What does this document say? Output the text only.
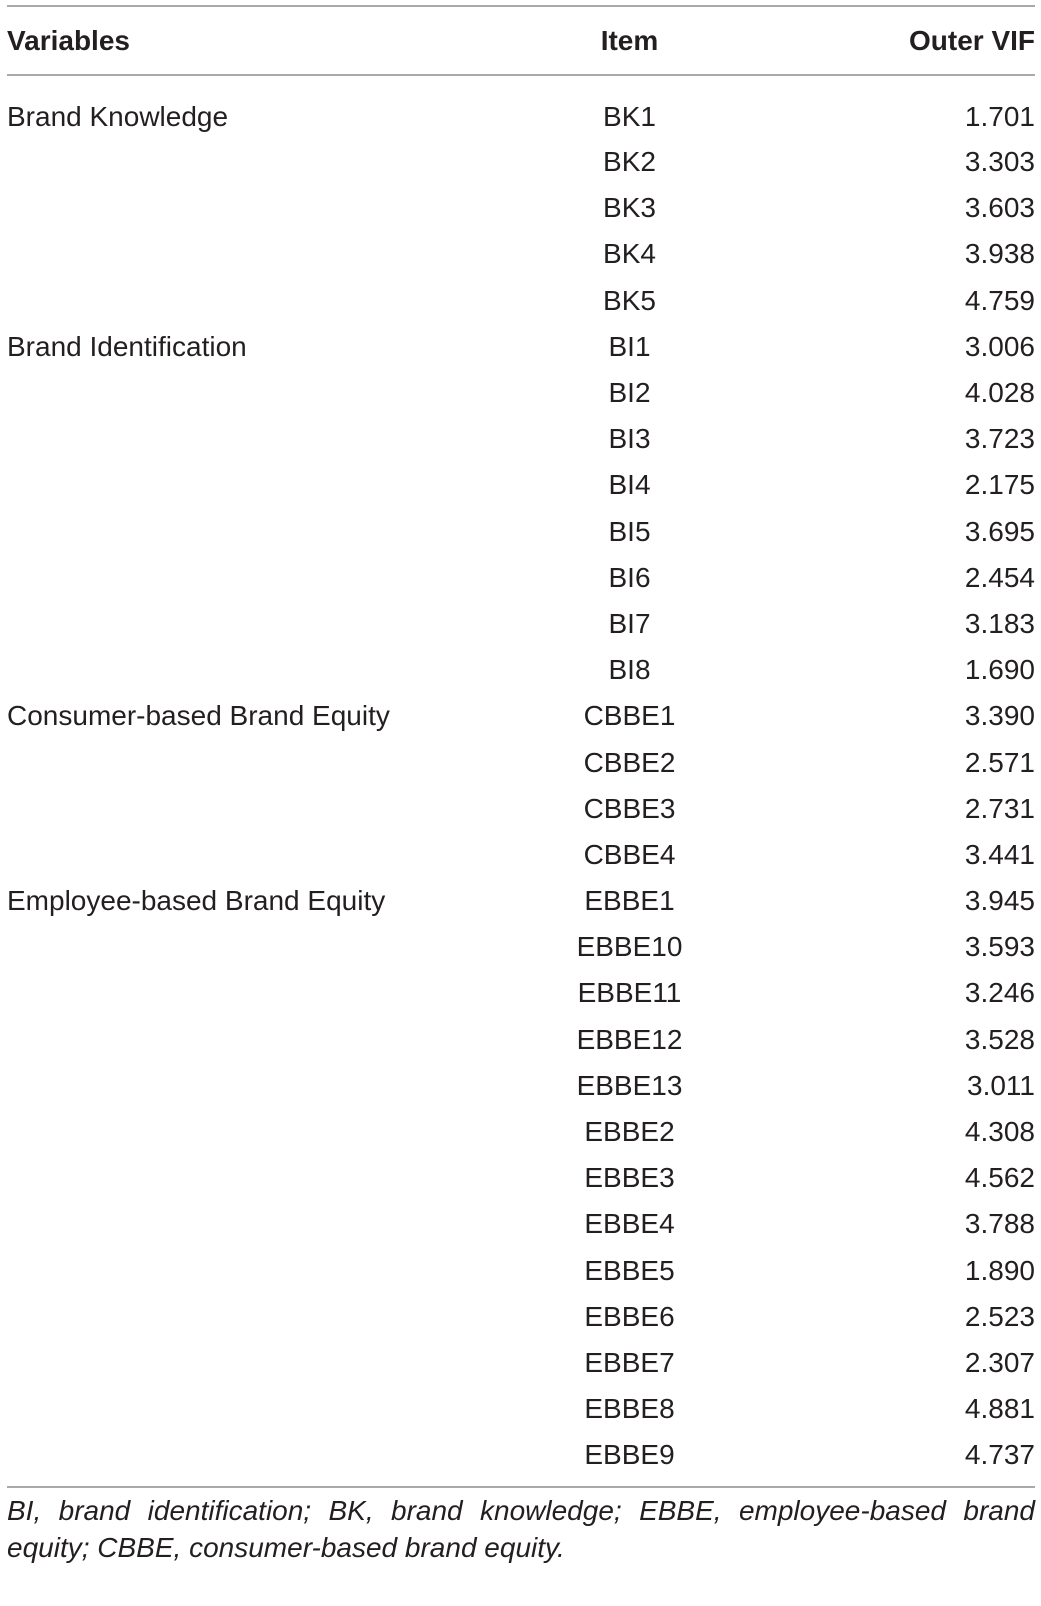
Variables	Item	Outer VIF
Brand Knowledge	BK1	1.701
	BK2	3.303
	BK3	3.603
	BK4	3.938
	BK5	4.759
Brand Identification	BI1	3.006
	BI2	4.028
	BI3	3.723
	BI4	2.175
	BI5	3.695
	BI6	2.454
	BI7	3.183
	BI8	1.690
Consumer-based Brand Equity	CBBE1	3.390
	CBBE2	2.571
	CBBE3	2.731
	CBBE4	3.441
Employee-based Brand Equity	EBBE1	3.945
	EBBE10	3.593
	EBBE11	3.246
	EBBE12	3.528
	EBBE13	3.011
	EBBE2	4.308
	EBBE3	4.562
	EBBE4	3.788
	EBBE5	1.890
	EBBE6	2.523
	EBBE7	2.307
	EBBE8	4.881
	EBBE9	4.737
BI, brand identification; BK, brand knowledge; EBBE, employee-based brand equity; CBBE, consumer-based brand equity.
